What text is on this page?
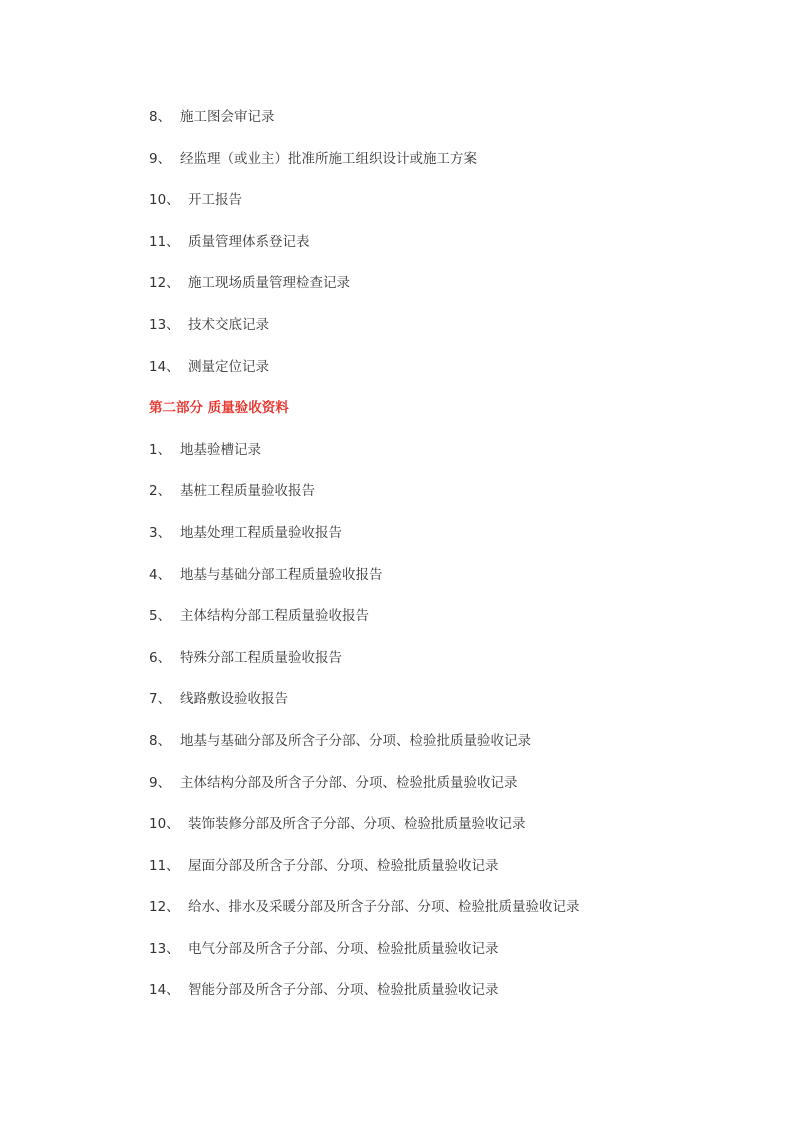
8、 施工图会审记录
9、 经监理（或业主）批准所施工组织设计或施工方案
10、 开工报告
11、 质量管理体系登记表
12、 施工现场质量管理检查记录
13、 技术交底记录
14、 测量定位记录
第二部分 质量验收资料
1、 地基验槽记录
2、 基桩工程质量验收报告
3、 地基处理工程质量验收报告
4、 地基与基础分部工程质量验收报告
5、 主体结构分部工程质量验收报告
6、 特殊分部工程质量验收报告
7、 线路敷设验收报告
8、 地基与基础分部及所含子分部、分项、检验批质量验收记录
9、 主体结构分部及所含子分部、分项、检验批质量验收记录
10、 装饰装修分部及所含子分部、分项、检验批质量验收记录
11、 屋面分部及所含子分部、分项、检验批质量验收记录
12、 给水、排水及采暖分部及所含子分部、分项、检验批质量验收记录
13、 电气分部及所含子分部、分项、检验批质量验收记录
14、 智能分部及所含子分部、分项、检验批质量验收记录
